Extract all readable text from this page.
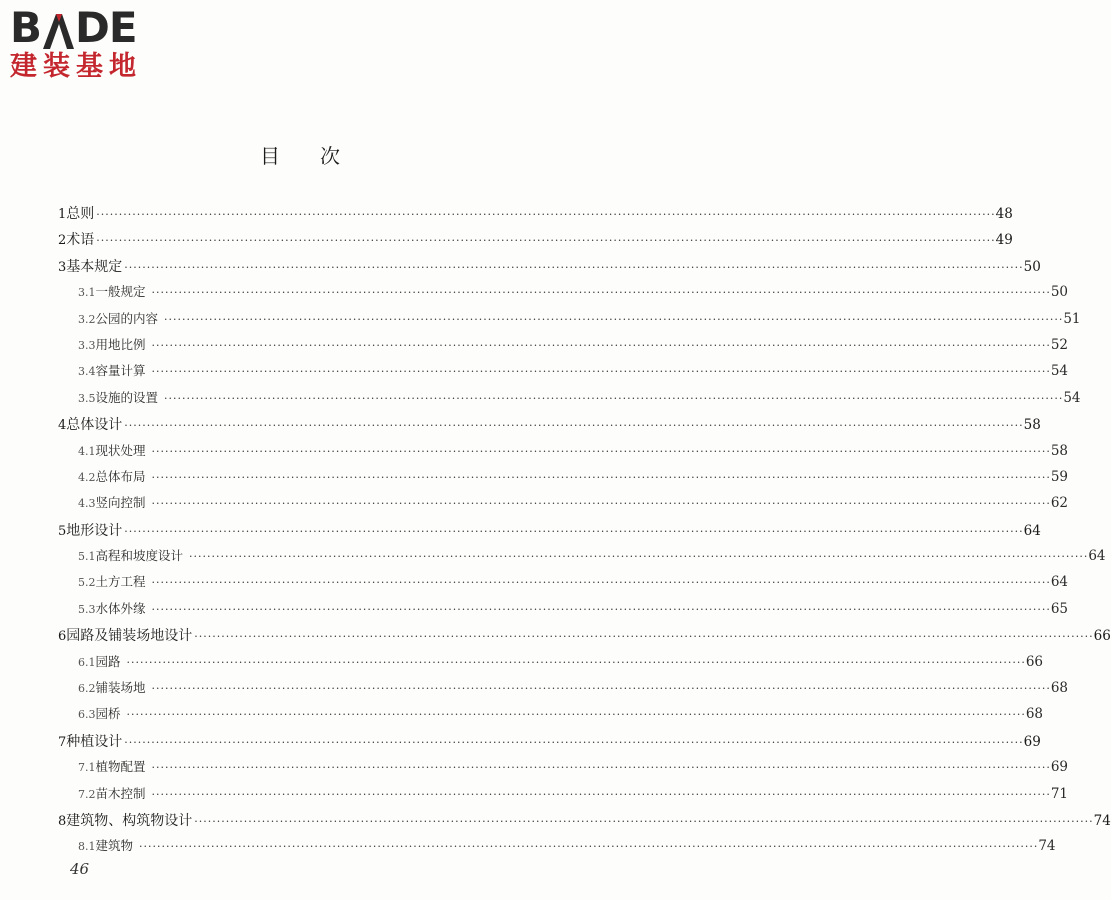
B DE
建装基地
目次
1 总则 ········································································································································································································ 48
2 术语 ········································································································································································································ 49
3 基本规定 ········································································································································································································ 50
3.1 一般规定 ········································································································································································································ 50
3.2 公园的内容 ········································································································································································································ 51
3.3 用地比例 ········································································································································································································ 52
3.4 容量计算 ········································································································································································································ 54
3.5 设施的设置 ········································································································································································································ 54
4 总体设计 ········································································································································································································ 58
4.1 现状处理 ········································································································································································································ 58
4.2 总体布局 ········································································································································································································ 59
4.3 竖向控制 ········································································································································································································ 62
5 地形设计 ········································································································································································································ 64
5.1 高程和坡度设计 ········································································································································································································ 64
5.2 土方工程 ········································································································································································································ 64
5.3 水体外缘 ········································································································································································································ 65
6 园路及铺装场地设计 ········································································································································································································ 66
6.1 园路 ········································································································································································································ 66
6.2 铺装场地 ········································································································································································································ 68
6.3 园桥 ········································································································································································································ 68
7 种植设计 ········································································································································································································ 69
7.1 植物配置 ········································································································································································································ 69
7.2 苗木控制 ········································································································································································································ 71
8 建筑物、构筑物设计 ········································································································································································································ 74
8.1 建筑物 ········································································································································································································ 74
46
